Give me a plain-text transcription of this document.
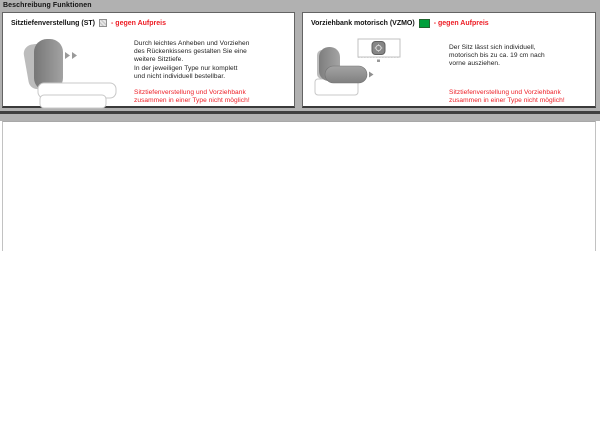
Beschreibung Funktionen
Sitztiefenverstellung (ST) - gegen Aufpreis
Durch leichtes Anheben und Vorziehen
des Rückenkissens gestalten Sie eine
weitere Sitztiefe.
In der jeweiligen Type nur komplett
und nicht individuell bestellbar.
Sitztiefenverstellung und Vorziehbank
zusammen in einer Type nicht möglich!
Vorziehbank motorisch (VZMO)	- gegen Aufpreis
Der Sitz lässt sich individuell,
motorisch bis zu ca. 19 cm nach
vorne ausziehen.
Sitztiefenverstellung und Vorziehbank
zusammen in einer Type nicht möglich!
